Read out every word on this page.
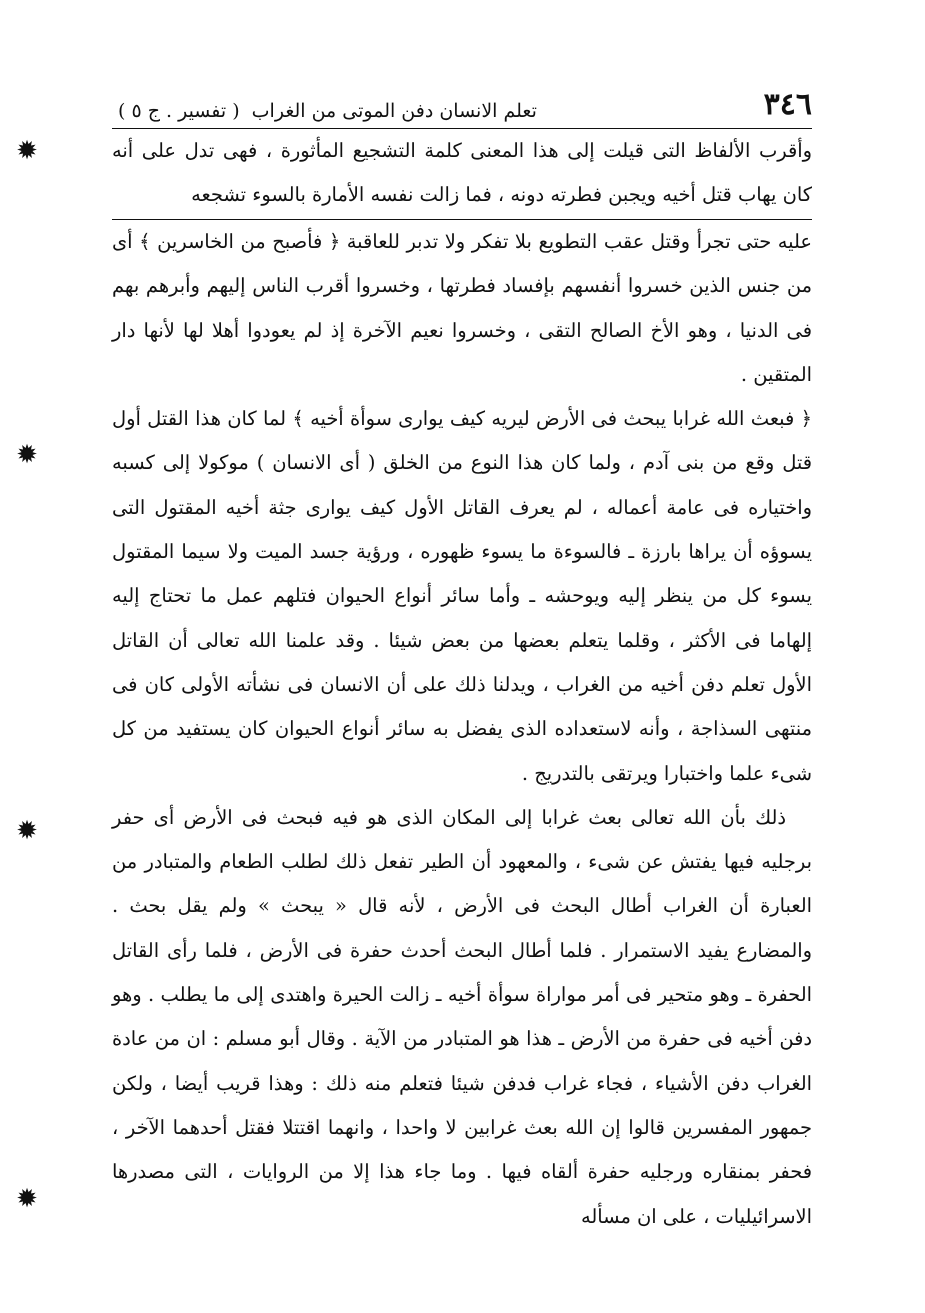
✹
✹
✹
✹
٣٤٦
تعلم الانسان دفن الموتى من الغراب ( تفسير . ج ٥ )

وأقرب الألفاظ التى قيلت إلى هذا المعنى كلمة التشجيع المأثورة ، فهى تدل على أنه كان يهاب قتل أخيه ويجبن فطرته دونه ، فما زالت نفسه الأمارة بالسوء تشجعه

عليه حتى تجرأ وقتل عقب التطويع بلا تفكر ولا تدبر للعاقبة ﴿ فأصبح من الخاسرين ﴾ أى من جنس الذين خسروا أنفسهم بإفساد فطرتها ، وخسروا أقرب الناس إليهم وأبرهم بهم فى الدنيا ، وهو الأخ الصالح التقى ، وخسروا نعيم الآخرة إذ لم يعودوا أهلا لها لأنها دار المتقين .

﴿ فبعث الله غرابا يبحث فى الأرض ليريه كيف يوارى سوأة أخيه ﴾ لما كان هذا القتل أول قتل وقع من بنى آدم ، ولما كان هذا النوع من الخلق ( أى الانسان ) موكولا إلى كسبه واختياره فى عامة أعماله ، لم يعرف القاتل الأول كيف يوارى جثة أخيه المقتول التى يسوؤه أن يراها بارزة ـ فالسوءة ما يسوء ظهوره ، ورؤية جسد الميت ولا سيما المقتول يسوء كل من ينظر إليه ويوحشه ـ وأما سائر أنواع الحيوان فتلهم عمل ما تحتاج إليه إلهاما فى الأكثر ، وقلما يتعلم بعضها من بعض شيئا . وقد علمنا الله تعالى أن القاتل الأول تعلم دفن أخيه من الغراب ، ويدلنا ذلك على أن الانسان فى نشأته الأولى كان فى منتهى السذاجة ، وأنه لاستعداده الذى يفضل به سائر أنواع الحيوان كان يستفيد من كل شىء علما واختبارا ويرتقى بالتدريج .

ذلك بأن الله تعالى بعث غرابا إلى المكان الذى هو فيه فبحث فى الأرض أى حفر برجليه فيها يفتش عن شىء ، والمعهود أن الطير تفعل ذلك لطلب الطعام والمتبادر من العبارة أن الغراب أطال البحث فى الأرض ، لأنه قال « يبحث » ولم يقل بحث . والمضارع يفيد الاستمرار . فلما أطال البحث أحدث حفرة فى الأرض ، فلما رأى القاتل الحفرة ـ وهو متحير فى أمر مواراة سوأة أخيه ـ زالت الحيرة واهتدى إلى ما يطلب . وهو دفن أخيه فى حفرة من الأرض ـ هذا هو المتبادر من الآية . وقال أبو مسلم : ان من عادة الغراب دفن الأشياء ، فجاء غراب فدفن شيئا فتعلم منه ذلك : وهذا قريب أيضا ، ولكن جمهور المفسرين قالوا إن الله بعث غرابين لا واحدا ، وانهما اقتتلا فقتل أحدهما الآخر ، فحفر بمنقاره ورجليه حفرة ألقاه فيها . وما جاء هذا إلا من الروايات ، التى مصدرها الاسرائيليات ، على ان مسأله
